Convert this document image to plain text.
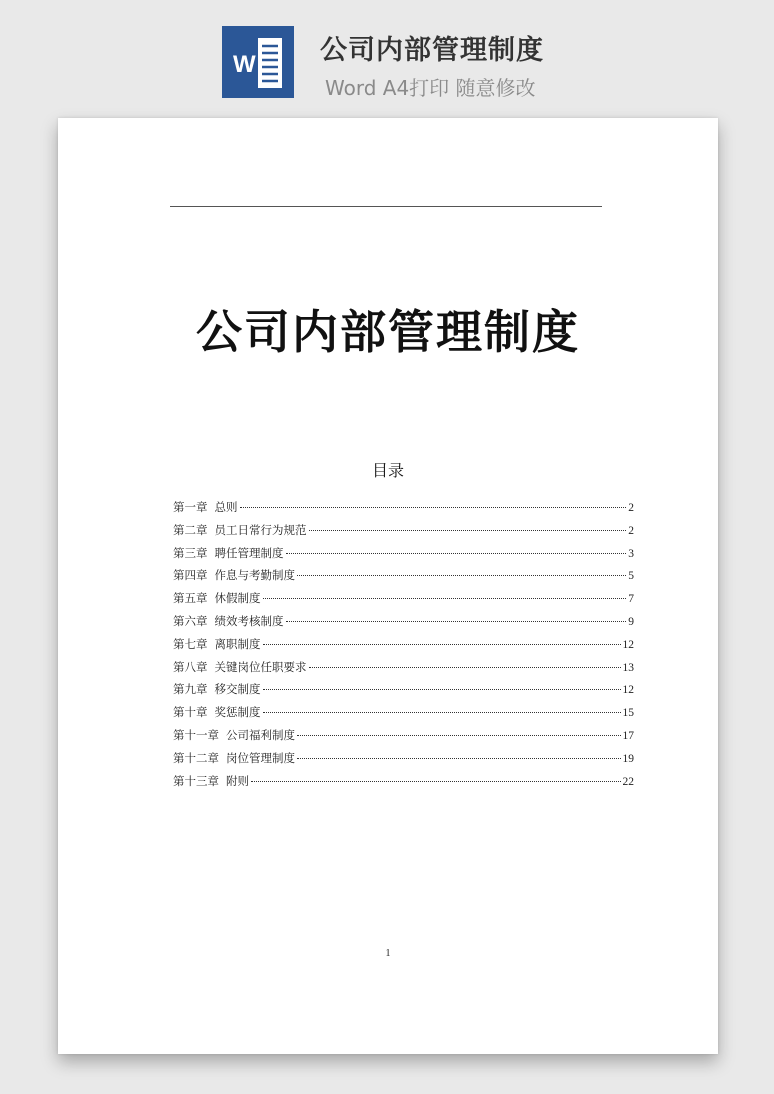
W 公司内部管理制度
Word A4打印 随意修改
公司内部管理制度
目录
第一章 总则	2
第二章 员工日常行为规范	2
第三章 聘任管理制度	3
第四章 作息与考勤制度	5
第五章 休假制度	7
第六章 绩效考核制度	9
第七章 离职制度	12
第八章 关键岗位任职要求	13
第九章 移交制度	12
第十章 奖惩制度	15
第十一章 公司福利制度	17
第十二章 岗位管理制度	19
第十三章 附则	22
1
